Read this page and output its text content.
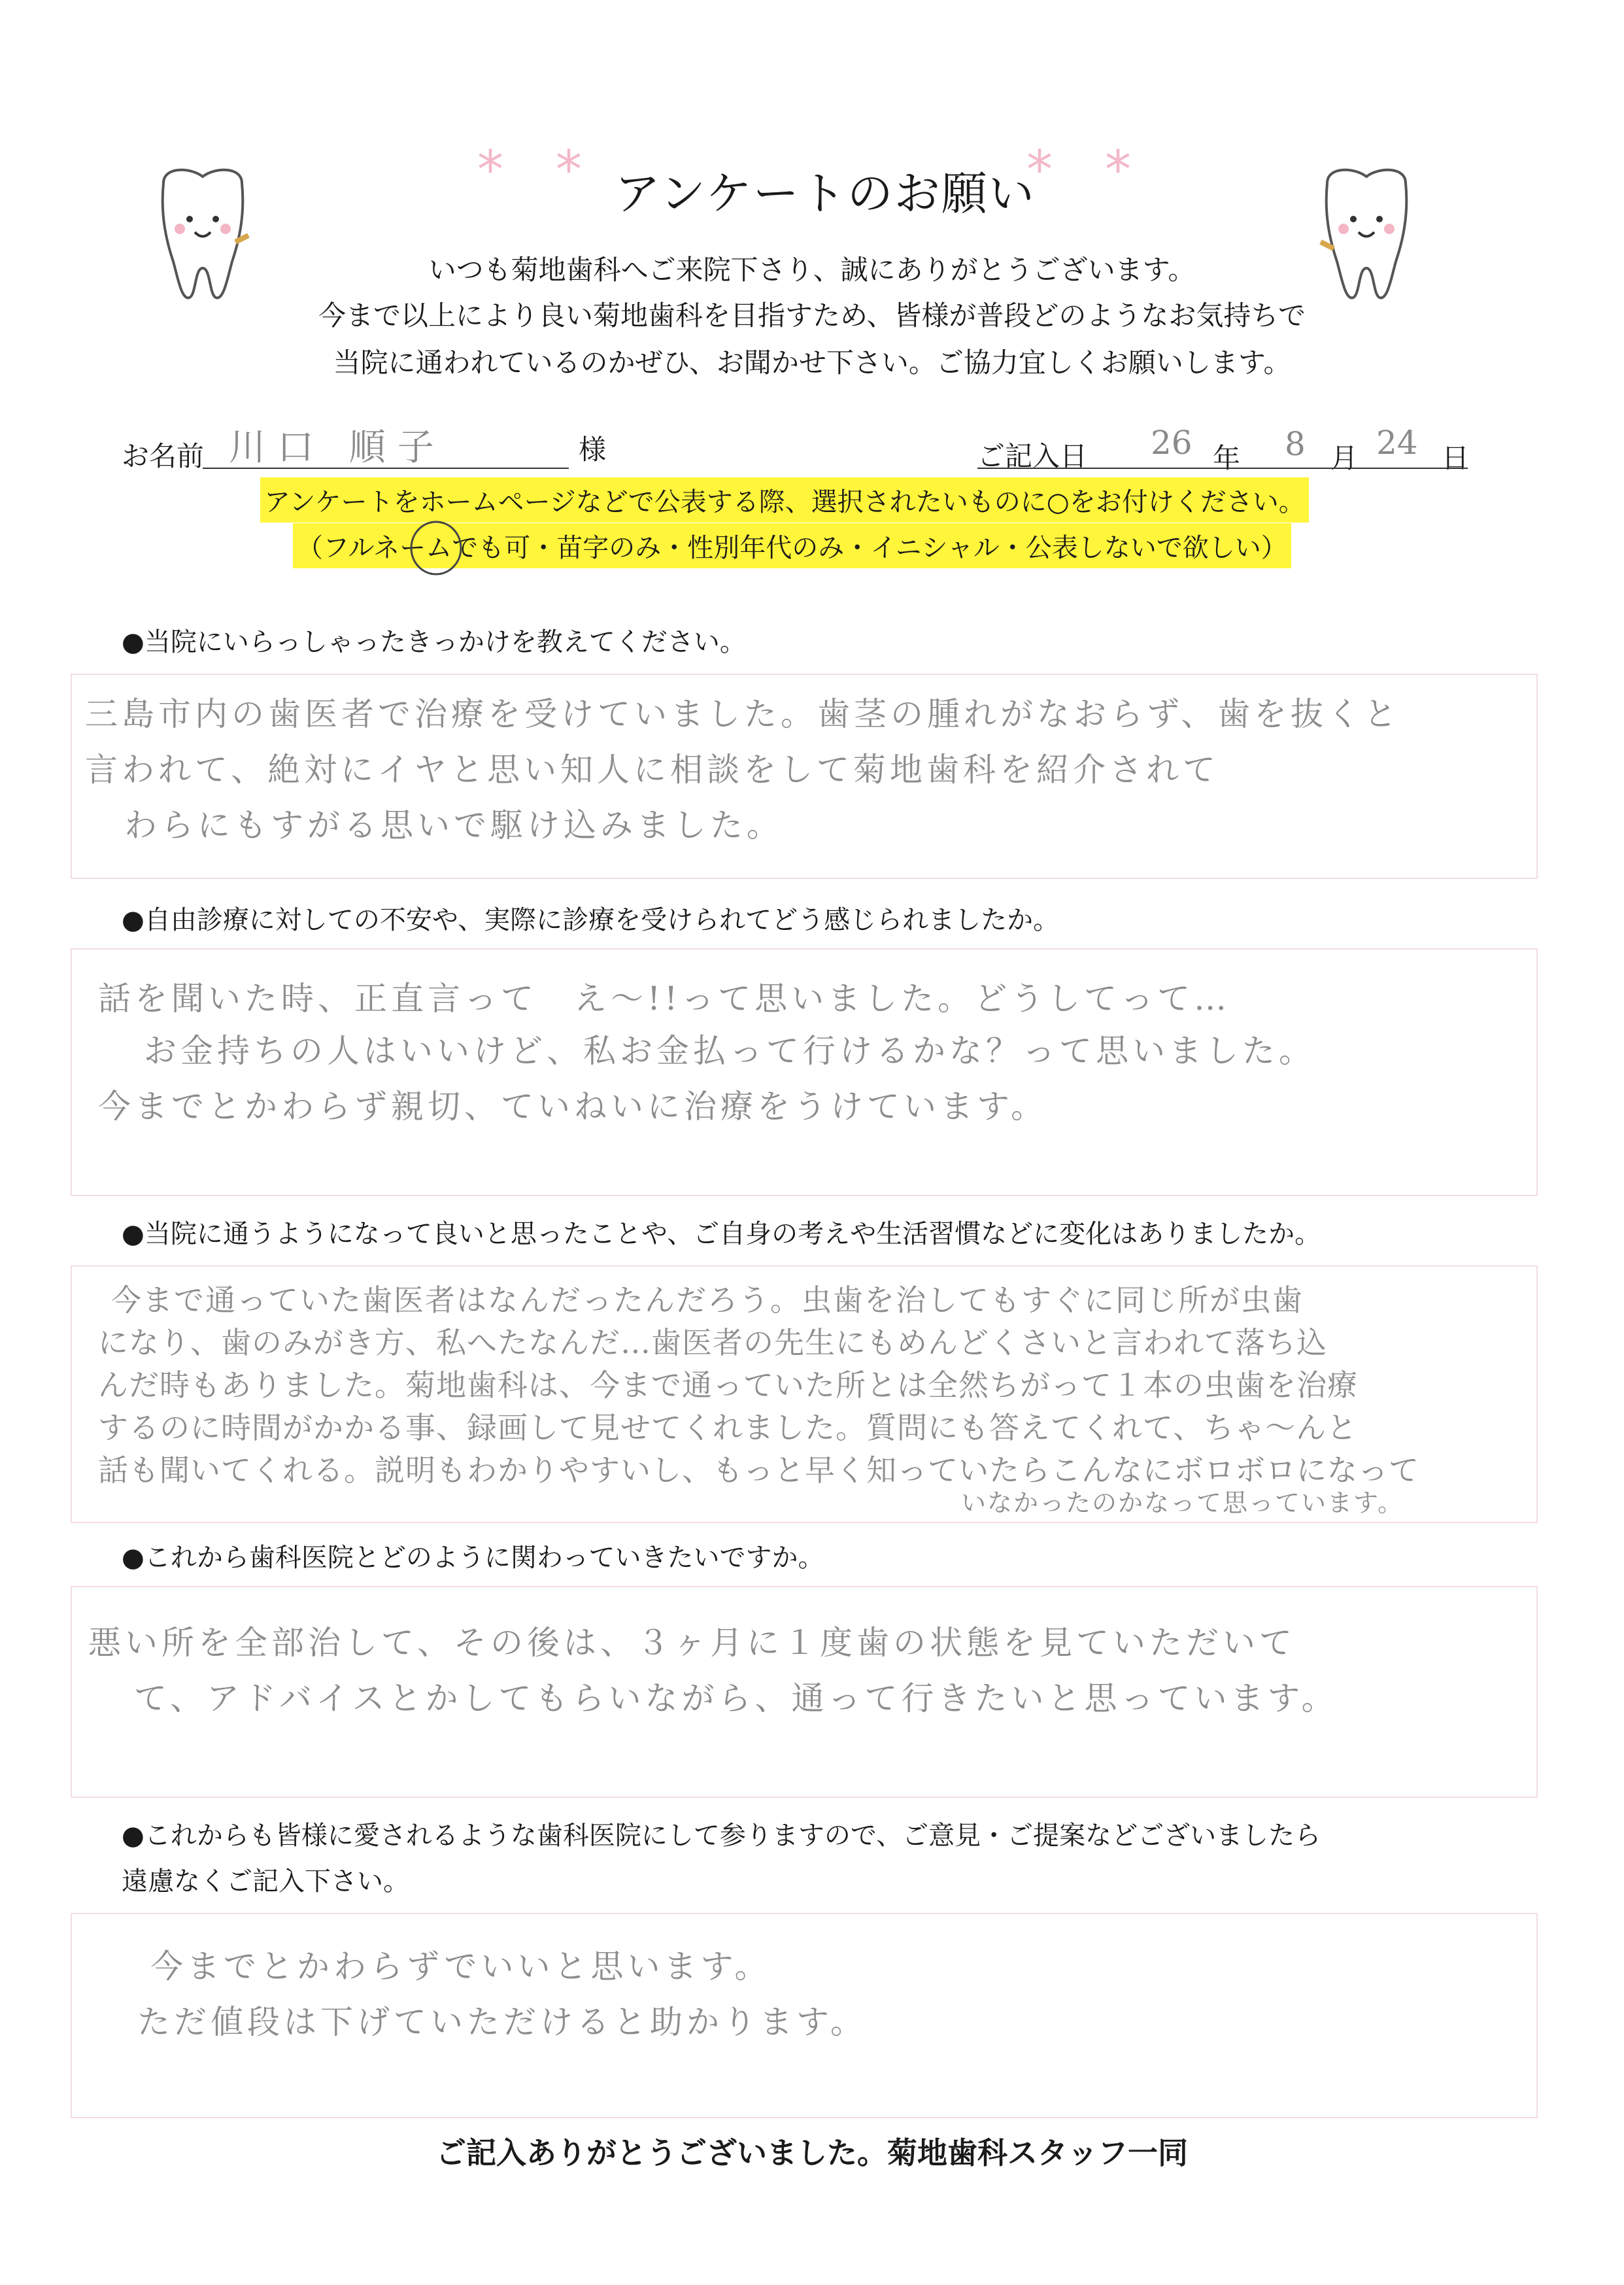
* * アンケートのお願い
* *
いつも菊地歯科へご来院下さり、誠にありがとうございます。
今まで以上により良い菊地歯科を目指すため、皆様が普段どのようなお気持ちで
当院に通われているのかぜひ、お聞かせ下さい。ご協力宜しくお願いします。
お名前 川口 順子	様	ご記入日 26 年 8 月 24 日
アンケートをホームページなどで公表する際、選択されたいものに○をお付けください。
（フルネームでも可・苗字のみ・性別年代のみ・イニシャル・公表しないで欲しい）
●当院にいらっしゃったきっかけを教えてください。
三島市内の歯医者で治療を受けていました。歯茎の腫れがなおらず、歯を抜くと
言われて、絶対にイヤと思い知人に相談をして菊地歯科を紹介されて
わらにもすがる思いで駆け込みました。
●自由診療に対しての不安や、実際に診療を受けられてどう感じられましたか。
話を聞いた時、正直言って　え〜!!って思いました。どうしてって…
お金持ちの人はいいけど、私お金払って行けるかな？って思いました。
今までとかわらず親切、ていねいに治療をうけています。
●当院に通うようになって良いと思ったことや、ご自身の考えや生活習慣などに変化はありましたか。
今まで通っていた歯医者はなんだったんだろう。虫歯を治してもすぐに同じ所が虫歯
になり、歯のみがき方、私へたなんだ…歯医者の先生にもめんどくさいと言われて落ち込
んだ時もありました。菊地歯科は、今まで通っていた所とは全然ちがって１本の虫歯を治療
するのに時間がかかる事、録画して見せてくれました。質問にも答えてくれて、ちゃ〜んと
話も聞いてくれる。説明もわかりやすいし、もっと早く知っていたらこんなにボロボロになって
いなかったのかなって思っています。
●これから歯科医院とどのように関わっていきたいですか。
悪い所を全部治して、その後は、３ヶ月に１度歯の状態を見ていただいて
て、アドバイスとかしてもらいながら、通って行きたいと思っています。
●これからも皆様に愛されるような歯科医院にして参りますので、ご意見・ご提案などございましたら
遠慮なくご記入下さい。
今までとかわらずでいいと思います。
ただ値段は下げていただけると助かります。
ご記入ありがとうございました。菊地歯科スタッフ一同
